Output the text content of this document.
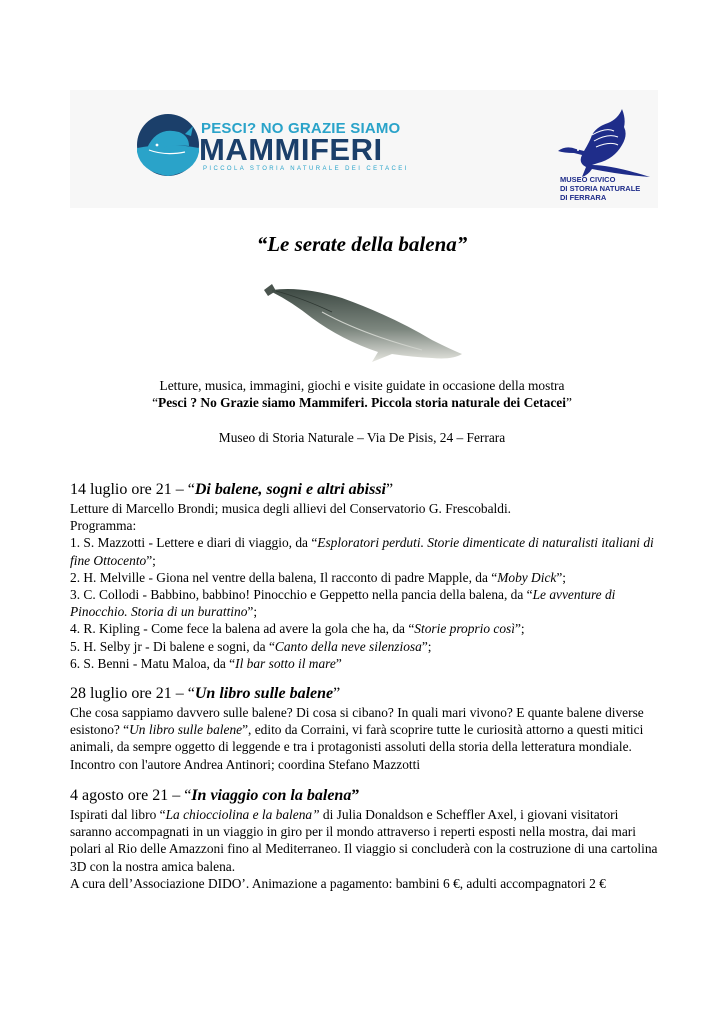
PESCI? NO GRAZIE SIAMO
MAMMIFERI
PICCOLA STORIA NATURALE DEI CETACEI
MUSEO CIVICO
DI STORIA NATURALE
DI FERRARA
“Le serate della balena”
Letture, musica, immagini, giochi e visite guidate in occasione della mostra
“Pesci ? No Grazie siamo Mammiferi. Piccola storia naturale dei Cetacei”
Museo di Storia Naturale – Via De Pisis, 24 – Ferrara
14 luglio ore 21 – “Di balene, sogni e altri abissi”

Letture di Marcello Brondi; musica degli allievi del Conservatorio G. Frescobaldi.

Programma:

1. S. Mazzotti - Lettere e diari di viaggio, da “Esploratori perduti. Storie dimenticate di naturalisti italiani di fine Ottocento”;

2. H. Melville - Giona nel ventre della balena, Il racconto di padre Mapple, da “Moby Dick”;

3. C. Collodi - Babbino, babbino! Pinocchio e Geppetto nella pancia della balena, da “Le avventure di Pinocchio. Storia di un burattino”;

4. R. Kipling - Come fece la balena ad avere la gola che ha, da “Storie proprio così”;

5. H. Selby jr - Di balene e sogni, da “Canto della neve silenziosa”;

6. S. Benni - Matu Maloa, da “Il bar sotto il mare”

28 luglio ore 21 – “Un libro sulle balene”

Che cosa sappiamo davvero sulle balene? Di cosa si cibano? In quali mari vivono? E quante balene diverse esistono? “Un libro sulle balene”, edito da Corraini, vi farà scoprire tutte le curiosità attorno a questi mitici animali, da sempre oggetto di leggende e tra i protagonisti assoluti della storia della letteratura mondiale. Incontro con l'autore Andrea Antinori; coordina Stefano Mazzotti

4 agosto ore 21 – “In viaggio con la balena”

Ispirati dal libro “La chiocciolina e la balena” di Julia Donaldson e Scheffler Axel, i giovani visitatori saranno accompagnati in un viaggio in giro per il mondo attraverso i reperti esposti nella mostra, dai mari polari al Rio delle Amazzoni fino al Mediterraneo. Il viaggio si concluderà con la costruzione di una cartolina 3D con la nostra amica balena.

A cura dell’Associazione DIDO’. Animazione a pagamento: bambini 6 €, adulti accompagnatori 2 €
